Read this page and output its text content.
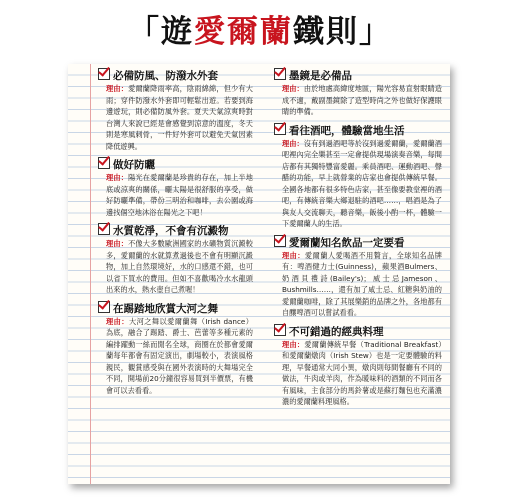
「遊愛爾蘭鐵則」
必備防風、防潑水外套
理由：愛爾蘭降雨率高，陰雨綿綿，但少有大雨；穿件防潑水外套即可輕鬆出遊。若要到海邊遊玩，則必備防風外套。夏天天氣涼爽時對台灣人來說已經是會感覺到涼意的溫度，冬天則是寒風刺骨，一件好外套可以避免天氣因素降低遊興。
做好防曬
理由：陽光在愛爾蘭是珍貴的存在，加上半地底或涼爽的關係，曬太陽是很舒服的享受，做好防曬準備，帶份三明治和咖啡，去公園或海邊找個空地沐浴在陽光之下吧！
水質乾淨，不會有沉澱物
理由：不像大多數歐洲國家的水礦物質沉澱較多，愛爾蘭的水就算煮過後也不會有明顯沉澱物，加上自然環境好，水的口感還不錯，也可以省下買水的費用。但如不喜歡喝冷水水龍頭出來的水，熱水壺自己煮喔！
在踢踏地欣賞大河之舞
理由：大河之舞以愛爾蘭舞（Irish dance）為底，融合了踢踏、爵士、芭蕾等多種元素的編排躍動一絲而閒名全球，商圈在於都會愛爾蘭每年都會有固定演出，劇場較小，表演風格親民，觀賞感受與在國外表演時的大舞場完全不同，開場前20分鐘很容易買到半價票，有機會可以去看看。
墨鏡是必備品
理由：由於地處高緯度地區，陽光容易直射眼睛造成不適，戴副墨鏡除了造型時尚之外也做好保護眼睛的準備。
看往酒吧，體驗當地生活
理由：沒有到過酒吧等於沒到過愛爾蘭，愛爾蘭酒吧裡內完全樂甚至一定會提供現場演奏音樂，每間店都有其獨特豐富愛麗。乘員酒吧、運動酒吧、聲醋的功能，早上就營業的店家也會提供傳統早餐。全國各地都有很多特色店家，甚至像要教堂裡的酒吧，有傳統音樂大鄉退駐的酒吧……，唱酒是為了與友人交流聊天，聽音樂，飯後小酌一杯，體驗一下愛爾蘭人的生活。
愛爾蘭知名飲品一定要看
理由：愛爾蘭人愛喝酒不用贅言，全球知名品牌有：啤酒健力士(Guinness)，蘋果酒Bulmers、奶酒貝禮詩(Bailey's)；威士忌Jameson、Bushmills……，還有加了咸士忌、紅糖與奶油的愛爾蘭咖啡，除了其展樂銷的品牌之外，各地都有自釀啤酒可以嘗試看看。
不可錯過的經典料理
理由：愛爾蘭傳統早餐（Traditional Breakfast）和愛爾蘭燉肉（Irish Stew）也是一定要體驗的料理，早餐通常大同小異，燉肉則每間餐廳有不同的做法，牛肉或羊肉，作為暖味料的酒類的不同而各有風味，主食部分的馬鈴薯或是蘇打麵包也充滿濃濃的愛爾蘭料理風格。
